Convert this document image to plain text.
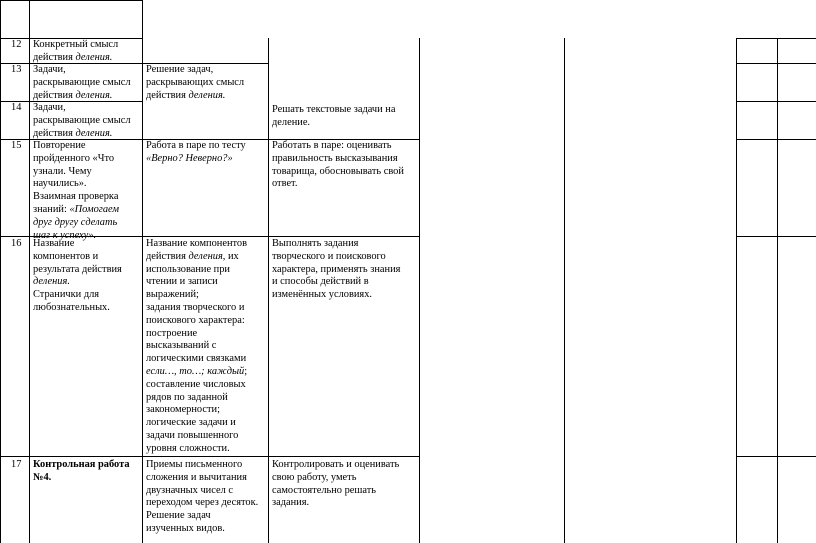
12 Конкретный смысл
действия деления.
13 Задачи,
раскрывающие смысл
действия деления.
Решение задач,
раскрывающих смысл
действия деления.
14 Задачи,
раскрывающие смысл
действия деления.
Решать текстовые задачи на
деление.
15 Повторение
пройденного «Что
узнали. Чему
научились».
Взаимная проверка
знаний: «Помогаем
друг другу сделать
шаг к успеху».
Работа в паре по тесту
«Верно? Неверно?»
Работать в паре: оценивать
правильность высказывания
товарища, обосновывать свой
ответ.
16 Название
компонентов и
результата действия
деления.
Странички для
любознательных.
Название компонентов
действия деления, их
использование при
чтении и записи
выражений;
задания творческого и
поискового характера:
построение
высказываний с
логическими связками
если…, то…; каждый;
составление числовых
рядов по заданной
закономерности;
логические задачи и
задачи повышенного
уровня сложности.
Выполнять задания
творческого и поискового
характера, применять знания
и способы действий в
изменённых условиях.
17 Контрольная работа
№4.
Приемы письменного
сложения и вычитания
двузначных чисел с
переходом через десяток.
Решение задач
изученных видов.
Контролировать и оценивать
свою работу, уметь
самостоятельно решать
задания.
